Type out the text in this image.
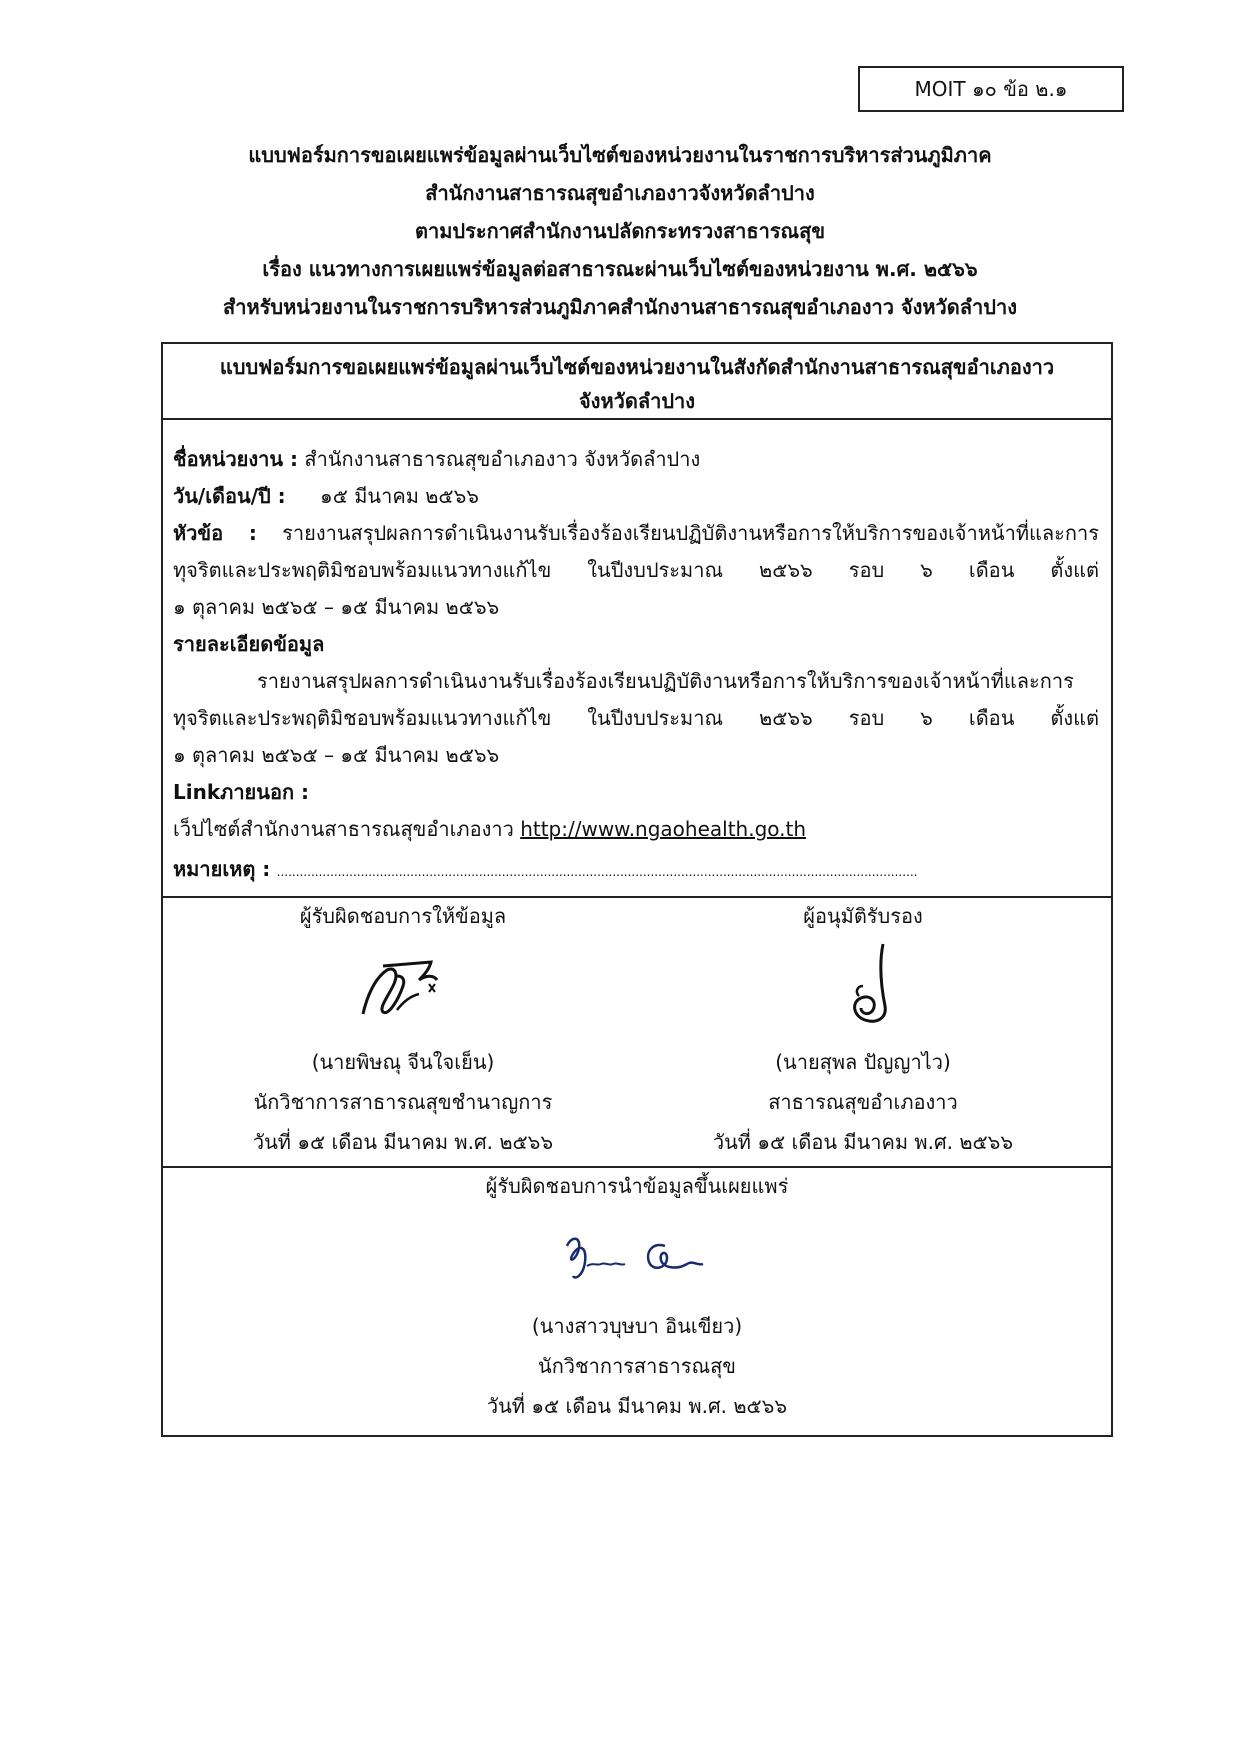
MOIT ๑๐ ข้อ ๒.๑
แบบฟอร์มการขอเผยแพร่ข้อมูลผ่านเว็บไซต์ของหน่วยงานในราชการบริหารส่วนภูมิภาค
สำนักงานสาธารณสุขอำเภองาวจังหวัดลำปาง
ตามประกาศสำนักงานปลัดกระทรวงสาธารณสุข
เรื่อง แนวทางการเผยแพร่ข้อมูลต่อสาธารณะผ่านเว็บไซต์ของหน่วยงาน พ.ศ. ๒๕๖๖
สำหรับหน่วยงานในราชการบริหารส่วนภูมิภาคสำนักงานสาธารณสุขอำเภองาว จังหวัดลำปาง
แบบฟอร์มการขอเผยแพร่ข้อมูลผ่านเว็บไซต์ของหน่วยงานในสังกัดสำนักงานสาธารณสุขอำเภองาว
จังหวัดลำปาง
ชื่อหน่วยงาน : สำนักงานสาธารณสุขอำเภองาว จังหวัดลำปาง
วัน/เดือน/ปี : ๑๕ มีนาคม ๒๕๖๖
หัวข้อ : รายงานสรุปผลการดำเนินงานรับเรื่องร้องเรียนปฏิบัติงานหรือการให้บริการของเจ้าหน้าที่และการ
ทุจริตและประพฤติมิชอบพร้อมแนวทางแก้ไข ในปีงบประมาณ ๒๕๖๖ รอบ ๖ เดือน ตั้งแต่
๑ ตุลาคม ๒๕๖๕ – ๑๕ มีนาคม ๒๕๖๖
รายละเอียดข้อมูล
รายงานสรุปผลการดำเนินงานรับเรื่องร้องเรียนปฏิบัติงานหรือการให้บริการของเจ้าหน้าที่และการ
ทุจริตและประพฤติมิชอบพร้อมแนวทางแก้ไข ในปีงบประมาณ ๒๕๖๖ รอบ ๖ เดือน ตั้งแต่
๑ ตุลาคม ๒๕๖๕ – ๑๕ มีนาคม ๒๕๖๖
Linkภายนอก :
เว็ปไซต์สำนักงานสาธารณสุขอำเภองาว http://www.ngaohealth.go.th
หมายเหตุ : ........................................................................................................................................................................
ผู้รับผิดชอบการให้ข้อมูล
(นายพิษณุ จีนใจเย็น)
นักวิชาการสาธารณสุขชำนาญการ
วันที่ ๑๕ เดือน มีนาคม พ.ศ. ๒๕๖๖
ผู้อนุมัติรับรอง
(นายสุพล ปัญญาไว)
สาธารณสุขอำเภองาว
วันที่ ๑๕ เดือน มีนาคม พ.ศ. ๒๕๖๖
ผู้รับผิดชอบการนำข้อมูลขึ้นเผยแพร่
(นางสาวบุษบา อินเขียว)
นักวิชาการสาธารณสุข
วันที่ ๑๕ เดือน มีนาคม พ.ศ. ๒๕๖๖
